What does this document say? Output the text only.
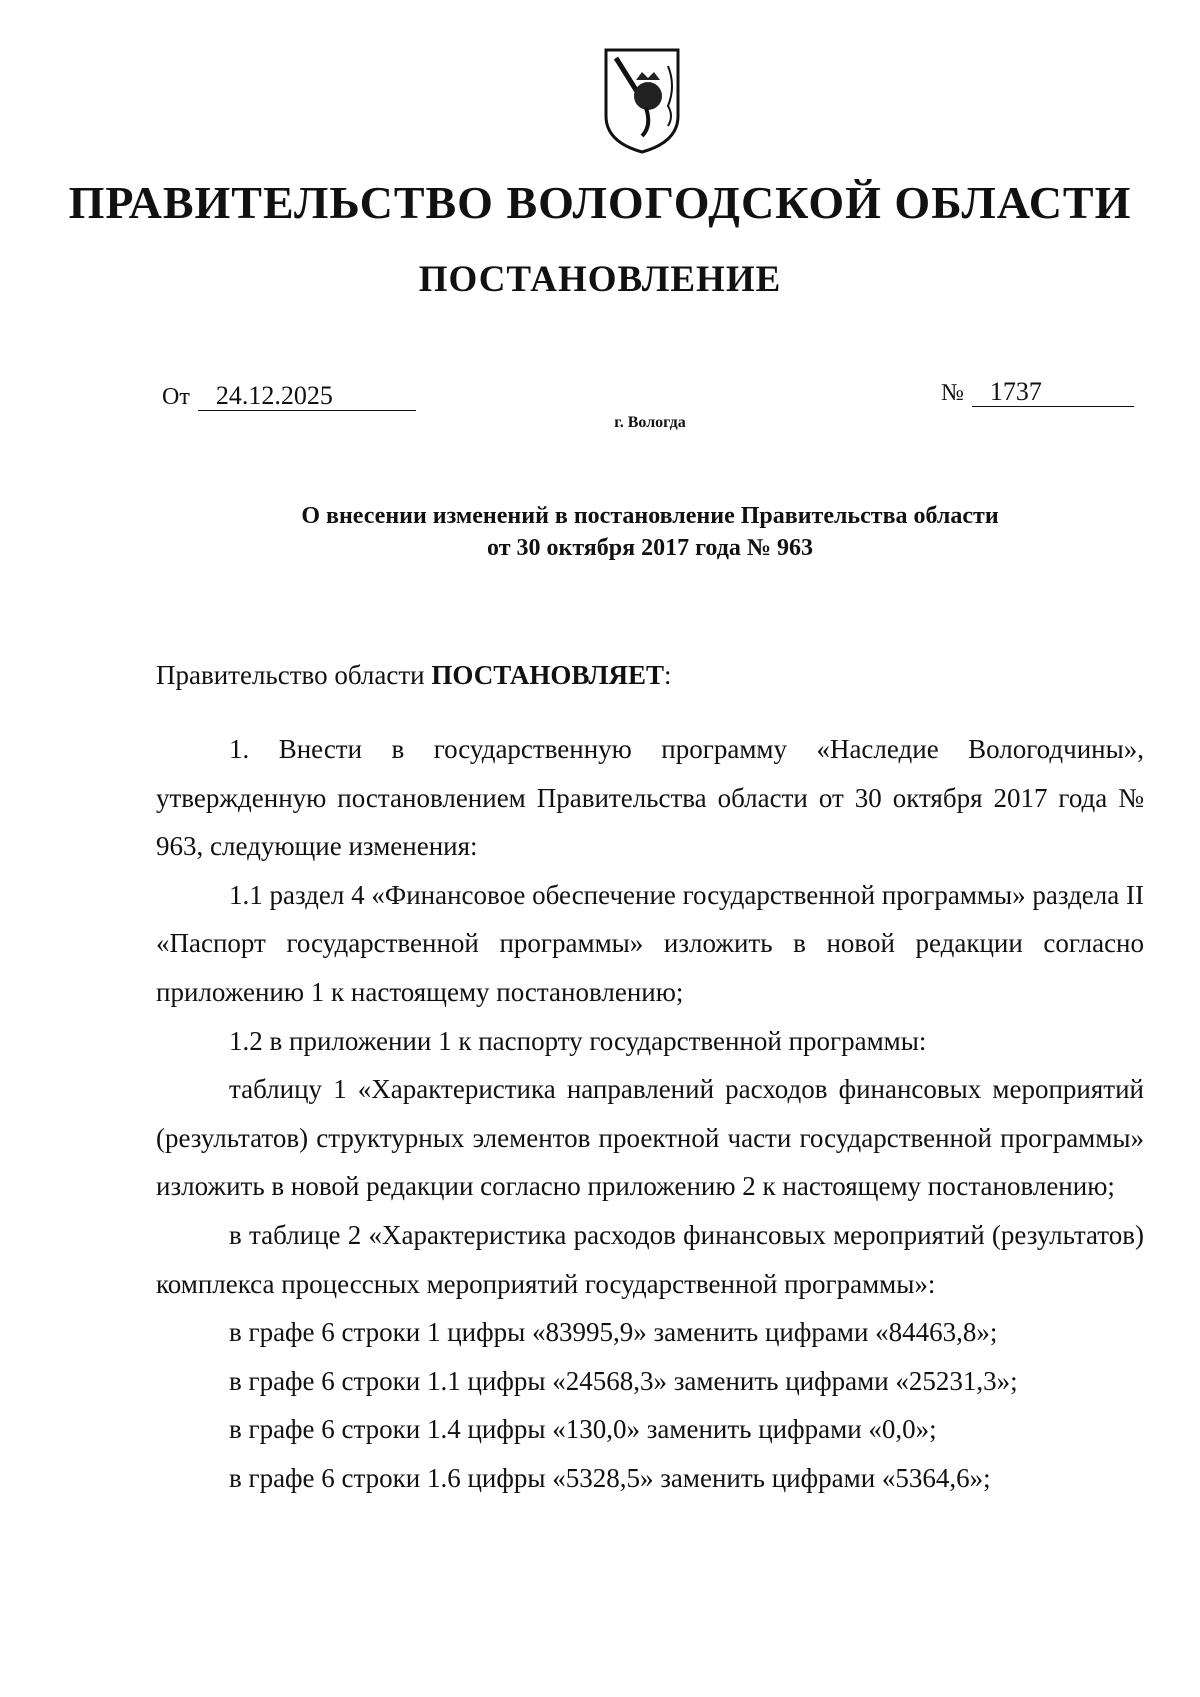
ПРАВИТЕЛЬСТВО ВОЛОГОДСКОЙ ОБЛАСТИ
ПОСТАНОВЛЕНИЕ
От 24.12.2025	№ 1737
г. Вологда
О внесении изменений в постановление Правительства области
от 30 октября 2017 года № 963
Правительство области ПОСТАНОВЛЯЕТ:

1. Внести в государственную программу «Наследие Вологодчины», утвержденную постановлением Правительства области от 30 октября 2017 года № 963, следующие изменения:

1.1 раздел 4 «Финансовое обеспечение государственной программы» раздела II «Паспорт государственной программы» изложить в новой редакции согласно приложению 1 к настоящему постановлению;

1.2 в приложении 1 к паспорту государственной программы:

таблицу 1 «Характеристика направлений расходов финансовых мероприятий (результатов) структурных элементов проектной части государственной программы» изложить в новой редакции согласно приложению 2 к настоящему постановлению;

в таблице 2 «Характеристика расходов финансовых мероприятий (результатов) комплекса процессных мероприятий государственной программы»:

в графе 6 строки 1 цифры «83995,9» заменить цифрами «84463,8»;

в графе 6 строки 1.1 цифры «24568,3» заменить цифрами «25231,3»;

в графе 6 строки 1.4 цифры «130,0» заменить цифрами «0,0»;

в графе 6 строки 1.6 цифры «5328,5» заменить цифрами «5364,6»;
